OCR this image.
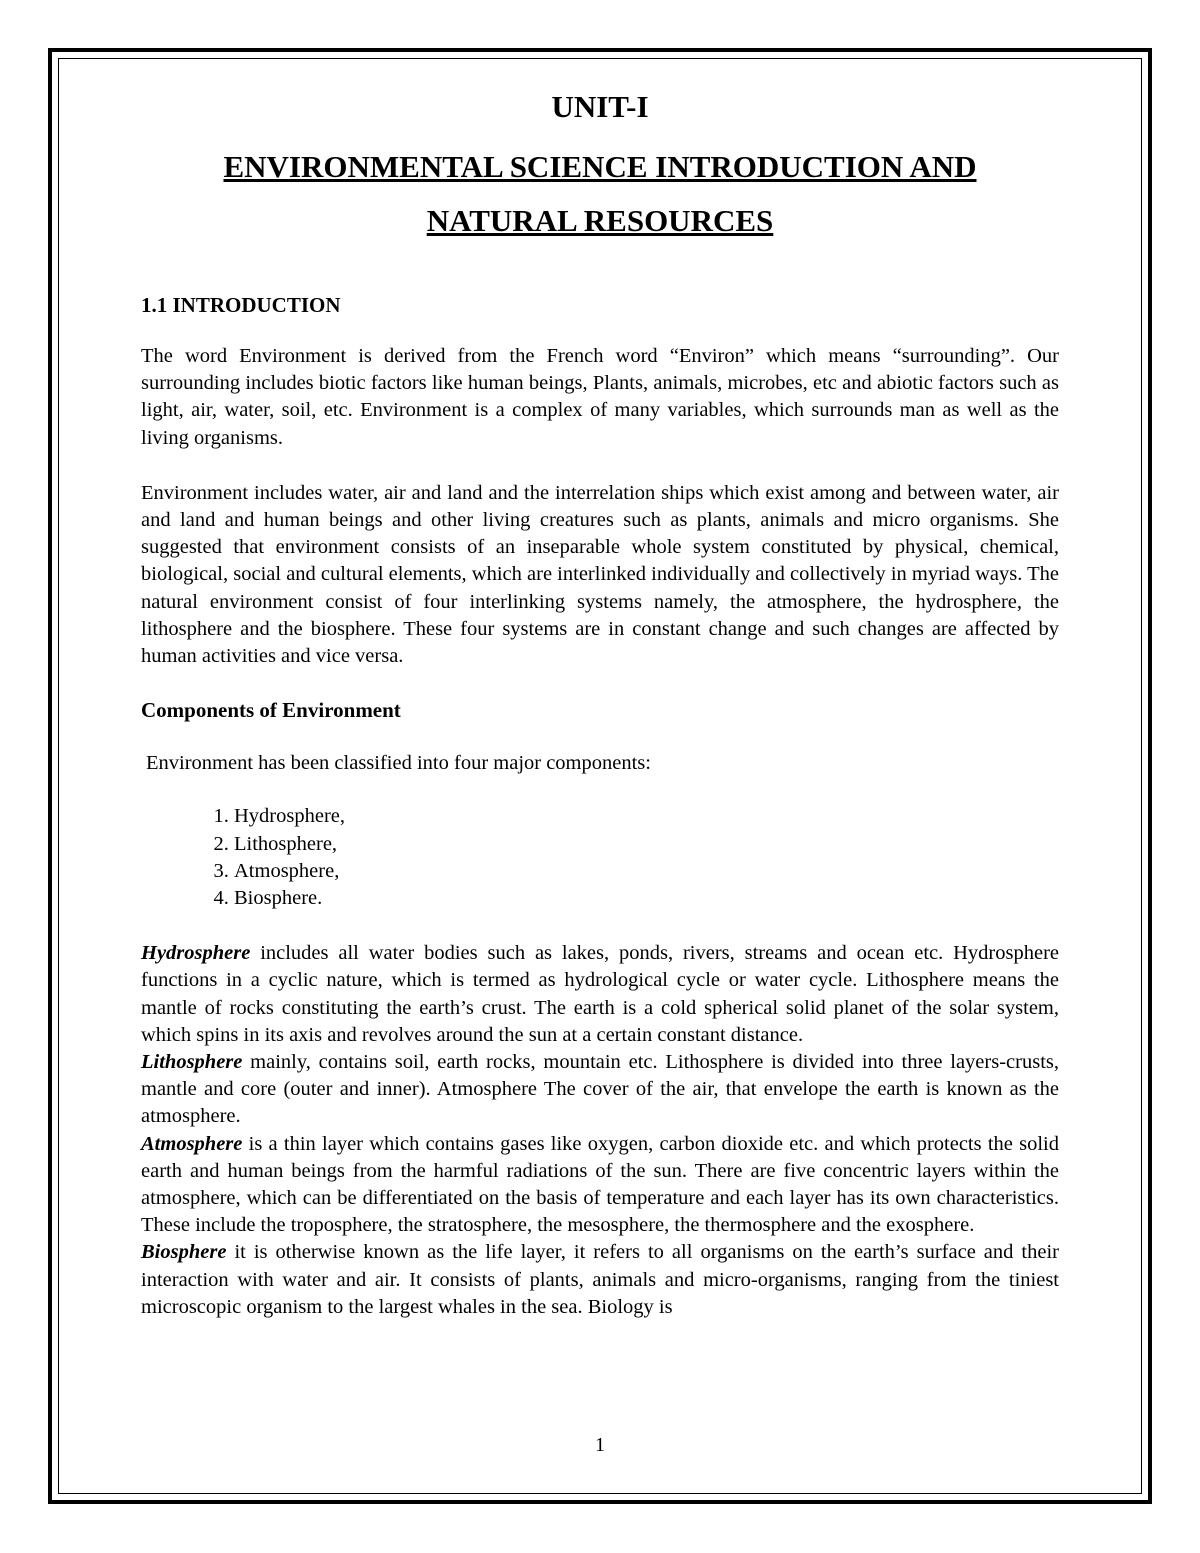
UNIT-I
ENVIRONMENTAL SCIENCE INTRODUCTION AND
NATURAL RESOURCES
1.1 INTRODUCTION

The word Environment is derived from the French word “Environ” which means “surrounding”. Our surrounding includes biotic factors like human beings, Plants, animals, microbes, etc and abiotic factors such as light, air, water, soil, etc. Environment is a complex of many variables, which surrounds man as well as the living organisms.

Environment includes water, air and land and the interrelation ships which exist among and between water, air and land and human beings and other living creatures such as plants, animals and micro organisms. She suggested that environment consists of an inseparable whole system constituted by physical, chemical, biological, social and cultural elements, which are interlinked individually and collectively in myriad ways. The natural environment consist of four interlinking systems namely, the atmosphere, the hydrosphere, the lithosphere and the biosphere. These four systems are in constant change and such changes are affected by human activities and vice versa.

Components of Environment

Environment has been classified into four major components:

1. Hydrosphere,
2. Lithosphere,
3. Atmosphere,
4. Biosphere.

Hydrosphere includes all water bodies such as lakes, ponds, rivers, streams and ocean etc. Hydrosphere functions in a cyclic nature, which is termed as hydrological cycle or water cycle. Lithosphere means the mantle of rocks constituting the earth’s crust. The earth is a cold spherical solid planet of the solar system, which spins in its axis and revolves around the sun at a certain constant distance.

Lithosphere mainly, contains soil, earth rocks, mountain etc. Lithosphere is divided into three layers-crusts, mantle and core (outer and inner). Atmosphere The cover of the air, that envelope the earth is known as the atmosphere.

Atmosphere is a thin layer which contains gases like oxygen, carbon dioxide etc. and which protects the solid earth and human beings from the harmful radiations of the sun. There are five concentric layers within the atmosphere, which can be differentiated on the basis of temperature and each layer has its own characteristics. These include the troposphere, the stratosphere, the mesosphere, the thermosphere and the exosphere.

Biosphere it is otherwise known as the life layer, it refers to all organisms on the earth’s surface and their interaction with water and air. It consists of plants, animals and micro-organisms, ranging from the tiniest microscopic organism to the largest whales in the sea. Biology is

1
